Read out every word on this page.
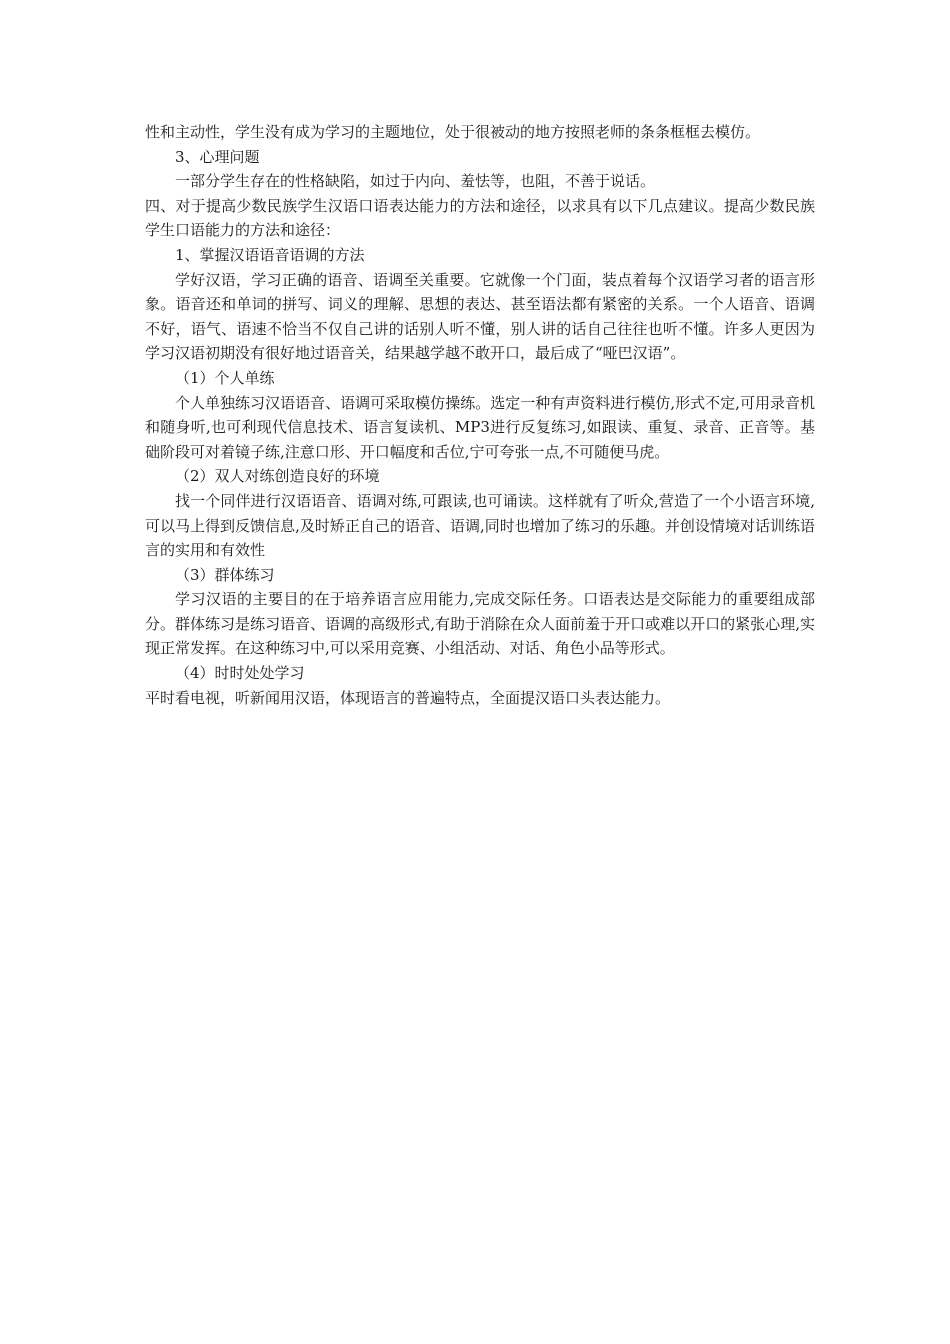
性和主动性，学生没有成为学习的主题地位，处于很被动的地方按照老师的条条框框去模仿。

3、心理问题

一部分学生存在的性格缺陷，如过于内向、羞怯等，也阻，不善于说话。

四、对于提高少数民族学生汉语口语表达能力的方法和途径，以求具有以下几点建议。提高少数民族学生口语能力的方法和途径：

1、掌握汉语语音语调的方法

学好汉语，学习正确的语音、语调至关重要。它就像一个门面，装点着每个汉语学习者的语言形象。语音还和单词的拼写、词义的理解、思想的表达、甚至语法都有紧密的关系。一个人语音、语调不好，语气、语速不恰当不仅自己讲的话别人听不懂，别人讲的话自己往往也听不懂。许多人更因为学习汉语初期没有很好地过语音关，结果越学越不敢开口，最后成了“哑巴汉语”。

（1）个人单练

个人单独练习汉语语音、语调可采取模仿操练。选定一种有声资料进行模仿,形式不定,可用录音机和随身听,也可利现代信息技术、语言复读机、MP3进行反复练习,如跟读、重复、录音、正音等。基础阶段可对着镜子练,注意口形、开口幅度和舌位,宁可夸张一点,不可随便马虎。

（2）双人对练创造良好的环境

找一个同伴进行汉语语音、语调对练,可跟读,也可诵读。这样就有了听众,营造了一个小语言环境,可以马上得到反馈信息,及时矫正自己的语音、语调,同时也增加了练习的乐趣。并创设情境对话训练语言的实用和有效性

（3）群体练习

学习汉语的主要目的在于培养语言应用能力,完成交际任务。口语表达是交际能力的重要组成部分。群体练习是练习语音、语调的高级形式,有助于消除在众人面前羞于开口或难以开口的紧张心理,实现正常发挥。在这种练习中,可以采用竞赛、小组活动、对话、角色小品等形式。

（4）时时处处学习

平时看电视，听新闻用汉语，体现语言的普遍特点，全面提汉语口头表达能力。
